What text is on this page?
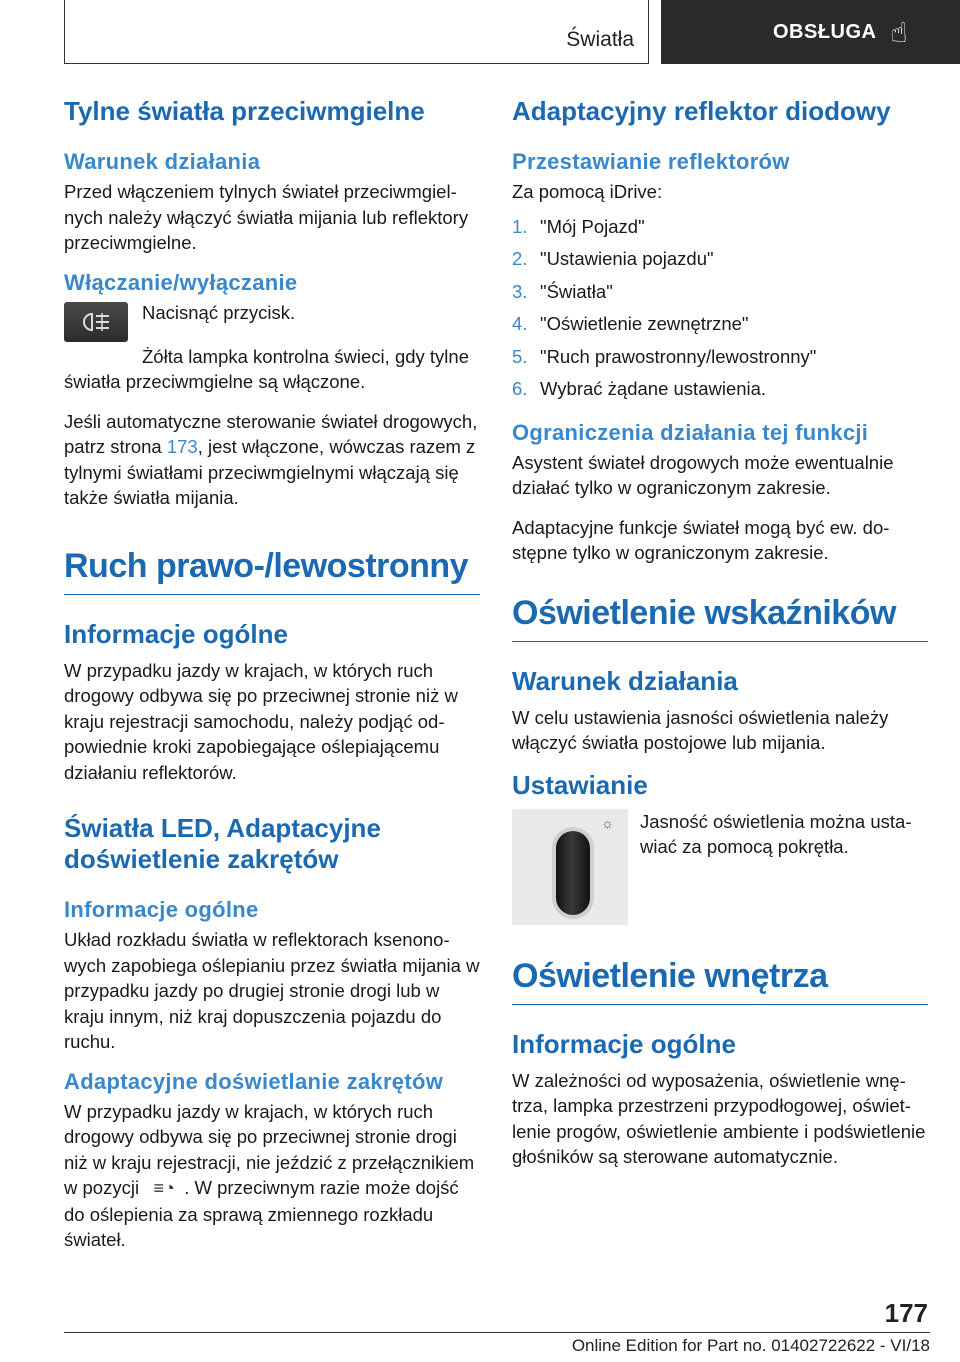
Światła	OBSŁUGA ☝
Tylne światła przeciwmgielne
Warunek działania

Przed włączeniem tylnych świateł przeciwmgielnych należy włączyć światła mijania lub reflektory przeciwmgielne.

Włączanie/wyłączanie

Nacisnąć przycisk.

Żółta lampka kontrolna świeci, gdy tylne światła przeciwmgielne są włączone.

Jeśli automatyczne sterowanie świateł drogowych, patrz strona 173, jest włączone, wówczas razem z tylnymi światłami przeciwmgielnymi włączają się także światła mijania.

Ruch prawo-/lewostronny
Informacje ogólne

W przypadku jazdy w krajach, w których ruch drogowy odbywa się po przeciwnej stronie niż w kraju rejestracji samochodu, należy podjąć odpowiednie kroki zapobiegające oślepiającemu działaniu reflektorów.

Światła LED, Adaptacyjne doświetlenie zakrętów
Informacje ogólne

Układ rozkładu światła w reflektorach ksenonowych zapobiega oślepianiu przez światła mijania w przypadku jazdy po drugiej stronie drogi lub w kraju innym, niż kraj dopuszczenia pojazdu do ruchu.

Adaptacyjne doświetlanie zakrętów

W przypadku jazdy w krajach, w których ruch drogowy odbywa się po przeciwnej stronie drogi niż w kraju rejestracji, nie jeździć z przełącznikiem w pozycji ≡◔ . W przeciwnym razie może dojść do oślepienia za sprawą zmiennego rozkładu świateł.

Adaptacyjny reflektor diodowy
Przestawianie reflektorów

Za pomocą iDrive:

1. "Mój Pojazd"
2. "Ustawienia pojazdu"
3. "Światła"
4. "Oświetlenie zewnętrzne"
5. "Ruch prawostronny/lewostronny"
6. Wybrać żądane ustawienia.
Ograniczenia działania tej funkcji

Asystent świateł drogowych może ewentualnie działać tylko w ograniczonym zakresie.

Adaptacyjne funkcje świateł mogą być ew. dostępne tylko w ograniczonym zakresie.

Oświetlenie wskaźników
Warunek działania

W celu ustawienia jasności oświetlenia należy włączyć światła postojowe lub mijania.

Ustawianie
☼ Jasność oświetlenia można ustawiać za pomocą pokrętła.

Oświetlenie wnętrza
Informacje ogólne

W zależności od wyposażenia, oświetlenie wnętrza, lampka przestrzeni przypodłogowej, oświetlenie progów, oświetlenie ambiente i podświetlenie głośników są sterowane automatycznie.

177
Online Edition for Part no. 01402722622 - VI/18
